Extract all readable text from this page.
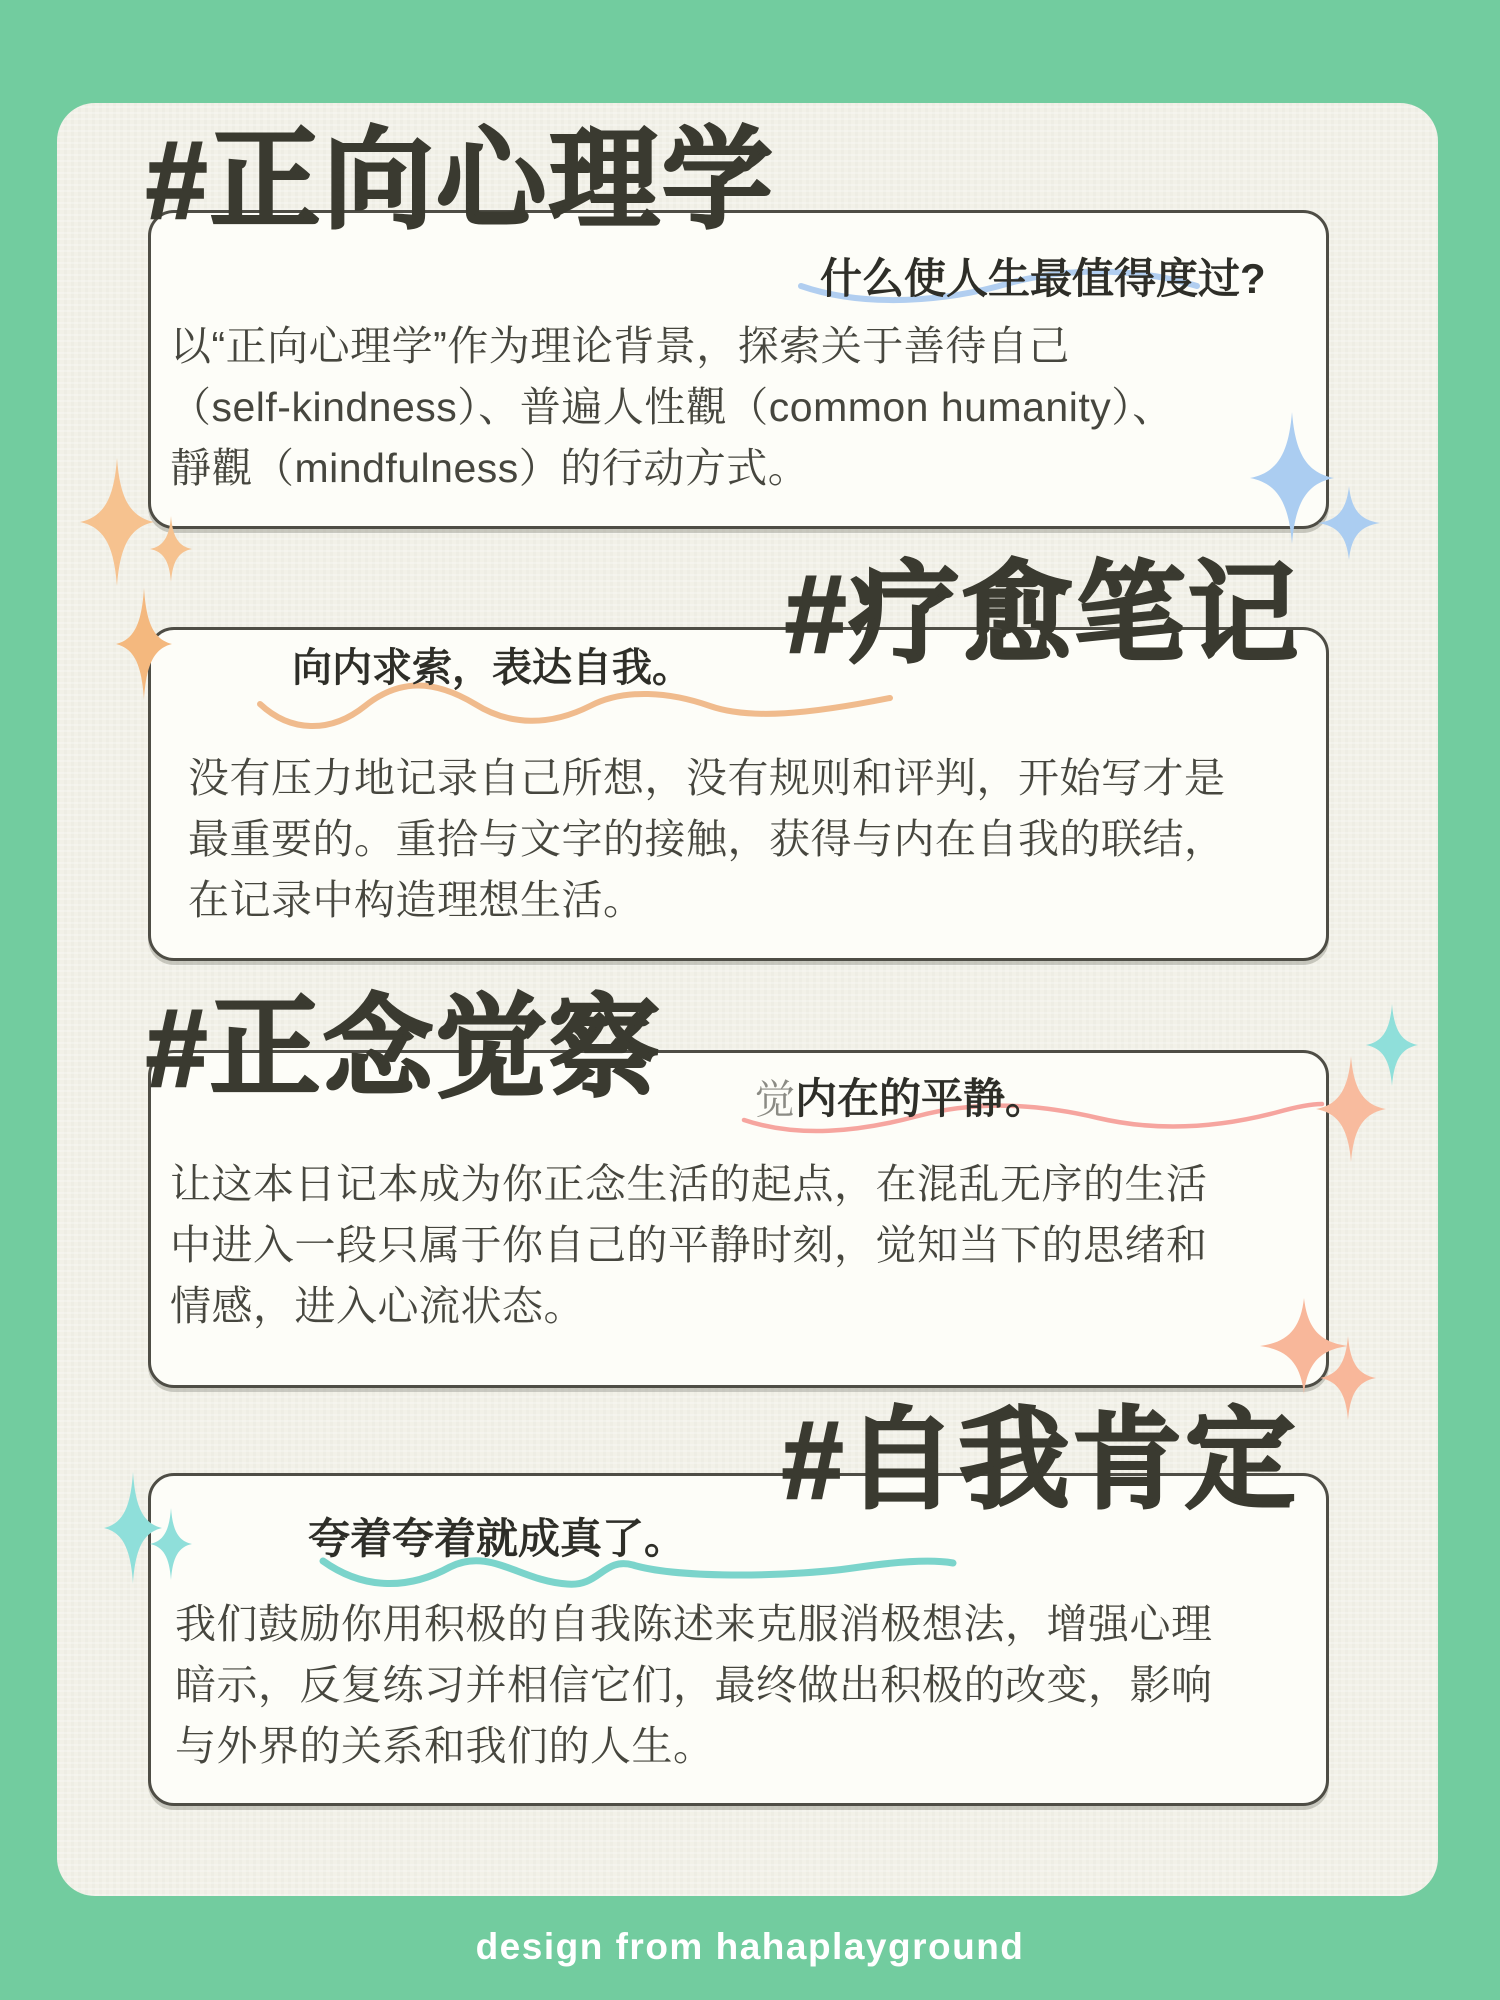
#正向心理学
#疗愈笔记
#正念觉察
#自我肯定
什么使人生最值得度过?
向内求索，表达自我。
觉内在的平静。
夸着夸着就成真了。
以“正向心理学”作为理论背景，探索关于善待自己
（self-kindness）、普遍人性觀（common humanity）、
靜觀（mindfulness）的行动方式。
没有压力地记录自己所想，没有规则和评判，开始写才是
最重要的。重拾与文字的接触，获得与内在自我的联结，
在记录中构造理想生活。
让这本日记本成为你正念生活的起点，在混乱无序的生活
中进入一段只属于你自己的平静时刻，觉知当下的思绪和
情感，进入心流状态。
我们鼓励你用积极的自我陈述来克服消极想法，增强心理
暗示，反复练习并相信它们，最终做出积极的改变，影响
与外界的关系和我们的人生。
design from hahaplayground
